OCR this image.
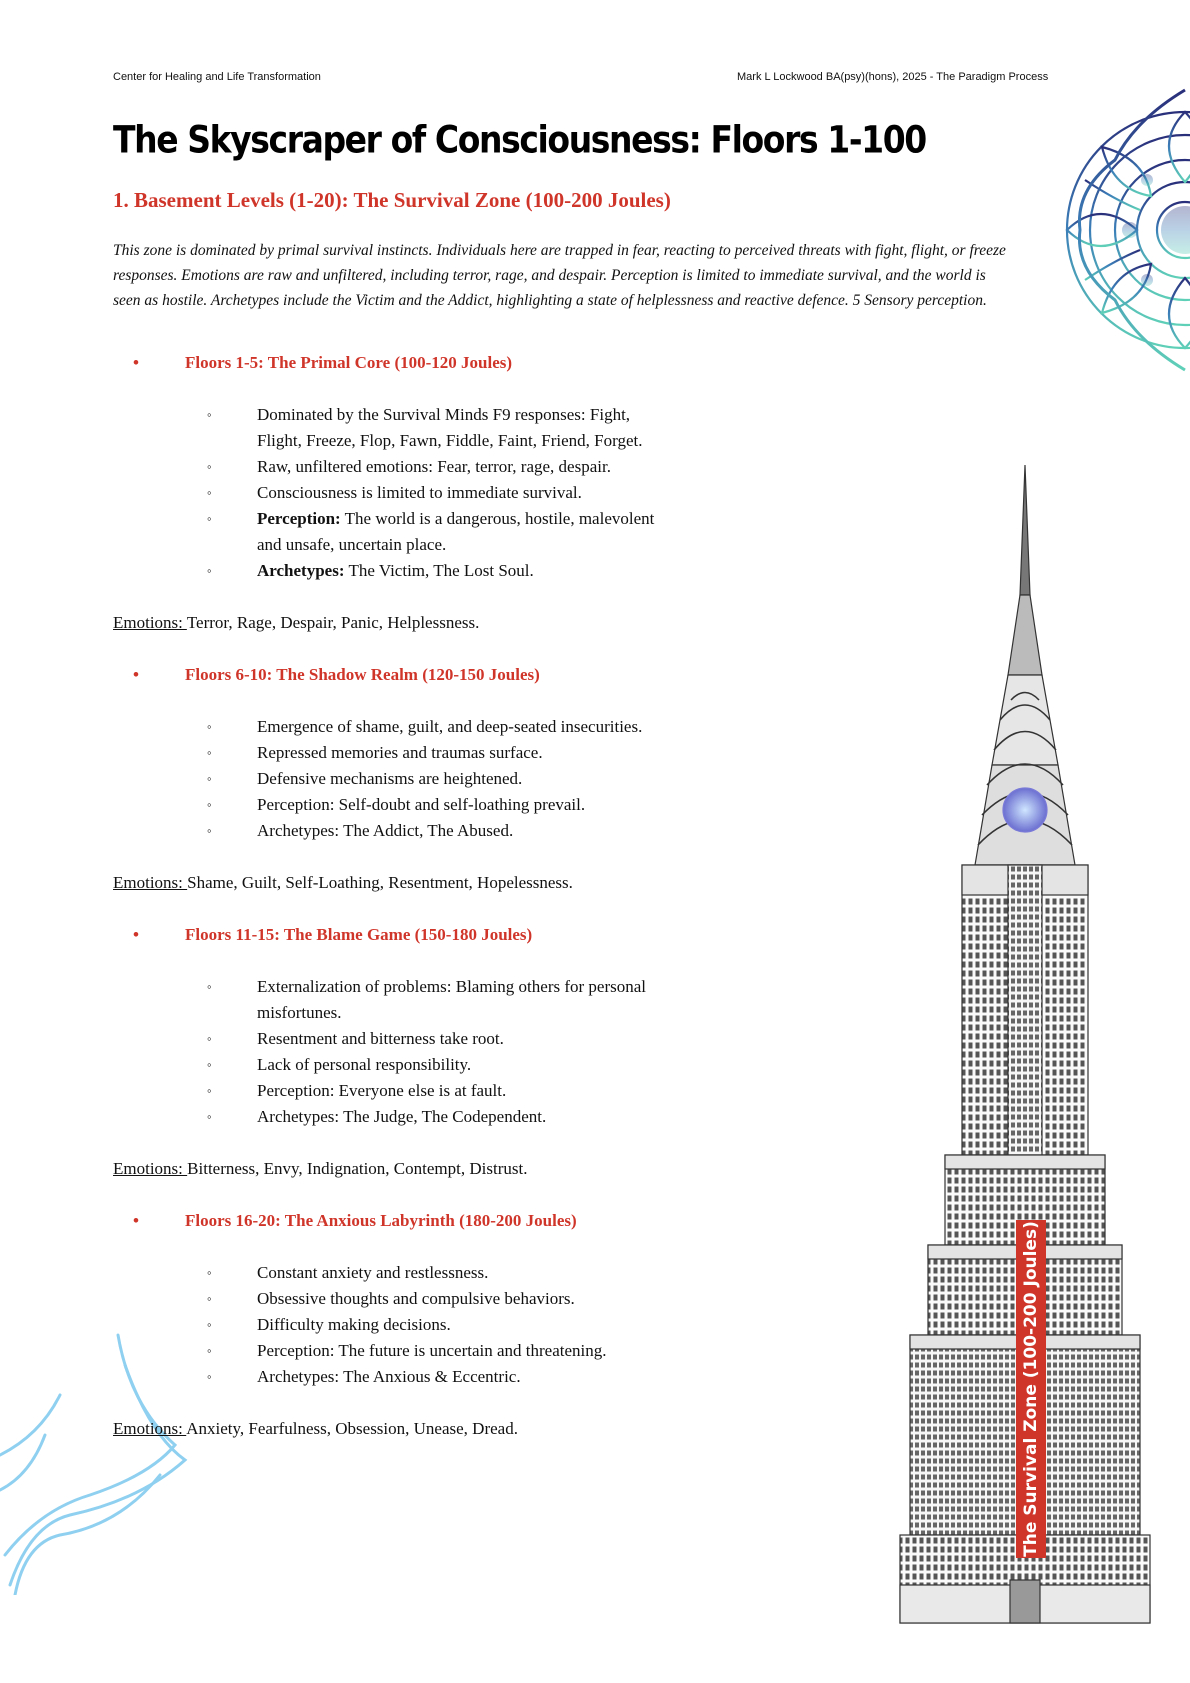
Center for Healing and Life Transformation	Mark L Lockwood BA(psy)(hons), 2025 - The Paradigm Process
The Skyscraper of Consciousness: Floors 1-100
1. Basement Levels (1-20): The Survival Zone (100-200 Joules)

This zone is dominated by primal survival instincts. Individuals here are trapped in fear, reacting to perceived threats with fight, flight, or freeze responses. Emotions are raw and unfiltered, including terror, rage, and despair. Perception is limited to immediate survival, and the world is seen as hostile. Archetypes include the Victim and the Addict, highlighting a state of helplessness and reactive defence. 5 Sensory perception.

The Survival Zone (100-200 Joules)
•	Floors 1-5: The Primal Core (100-120 Joules)
◦	Dominated by the Survival Minds F9 responses: Fight, Flight, Freeze, Flop, Fawn, Fiddle, Faint, Friend, Forget.
◦	Raw, unfiltered emotions: Fear, terror, rage, despair.
◦	Consciousness is limited to immediate survival.
◦	Perception: The world is a dangerous, hostile, malevolent and unsafe, uncertain place.
◦	Archetypes: The Victim, The Lost Soul.
Emotions: Terror, Rage, Despair, Panic, Helplessness.
•	Floors 6-10: The Shadow Realm (120-150 Joules)
◦	Emergence of shame, guilt, and deep-seated insecurities.
◦	Repressed memories and traumas surface.
◦	Defensive mechanisms are heightened.
◦	Perception: Self-doubt and self-loathing prevail.
◦	Archetypes: The Addict, The Abused.
Emotions: Shame, Guilt, Self-Loathing, Resentment, Hopelessness.
•	Floors 11-15: The Blame Game (150-180 Joules)
◦	Externalization of problems: Blaming others for personal misfortunes.
◦	Resentment and bitterness take root.
◦	Lack of personal responsibility.
◦	Perception: Everyone else is at fault.
◦	Archetypes: The Judge, The Codependent.
Emotions: Bitterness, Envy, Indignation, Contempt, Distrust.
•	Floors 16-20: The Anxious Labyrinth (180-200 Joules)
◦	Constant anxiety and restlessness.
◦	Obsessive thoughts and compulsive behaviors.
◦	Difficulty making decisions.
◦	Perception: The future is uncertain and threatening.
◦	Archetypes: The Anxious & Eccentric.
Emotions: Anxiety, Fearfulness, Obsession, Unease, Dread.
